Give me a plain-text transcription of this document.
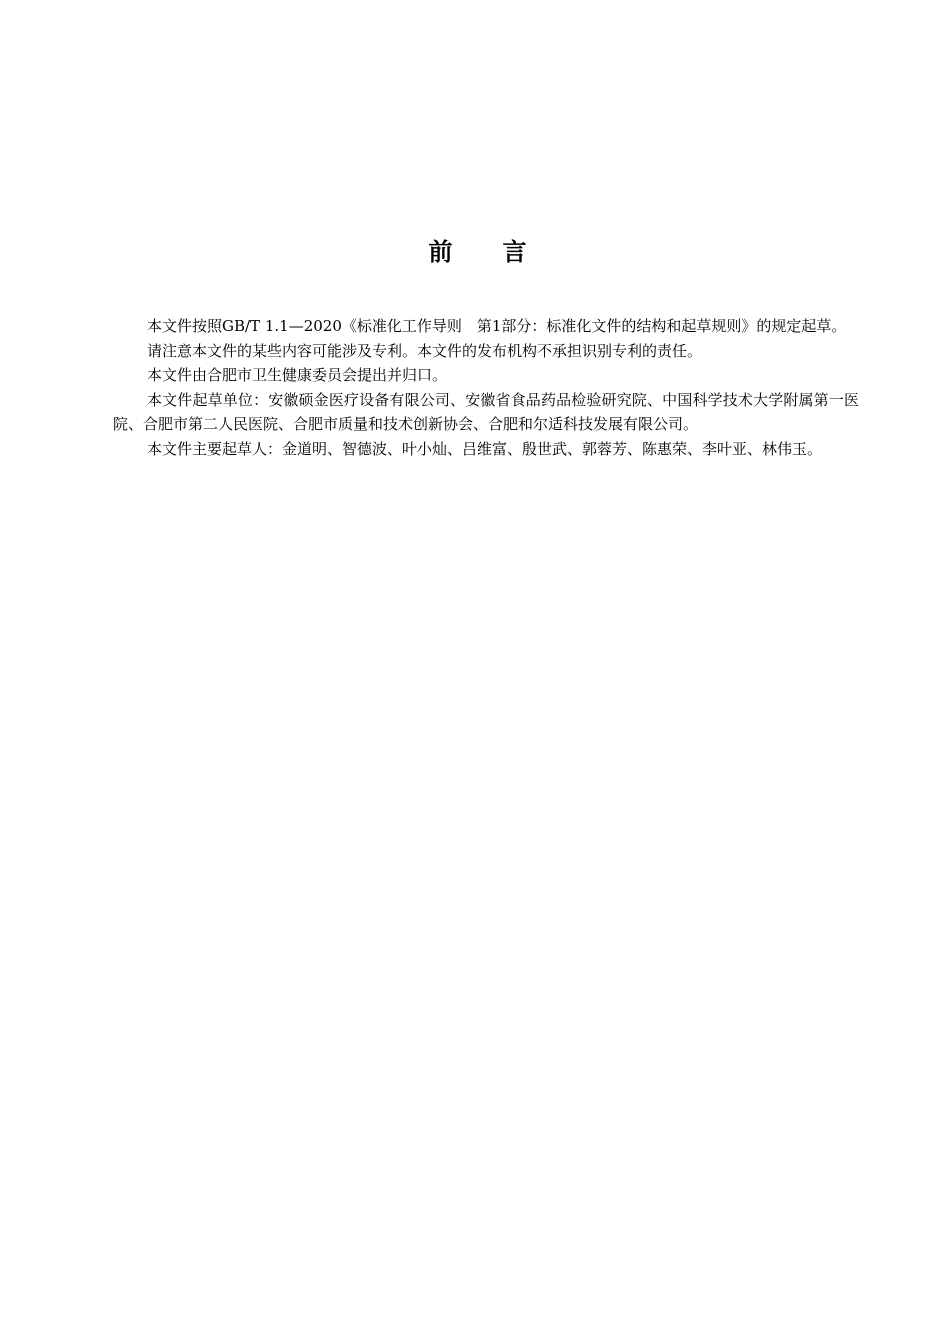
前言

本文件按照GB/T 1.1—2020《标准化工作导则　第1部分：标准化文件的结构和起草规则》的规定起草。

请注意本文件的某些内容可能涉及专利。本文件的发布机构不承担识别专利的责任。

本文件由合肥市卫生健康委员会提出并归口。

本文件起草单位：安徽硕金医疗设备有限公司、安徽省食品药品检验研究院、中国科学技术大学附属第一医院、合肥市第二人民医院、合肥市质量和技术创新协会、合肥和尔适科技发展有限公司。

本文件主要起草人：金道明、智德波、叶小灿、吕维富、殷世武、郭蓉芳、陈惠荣、李叶亚、林伟玉。
